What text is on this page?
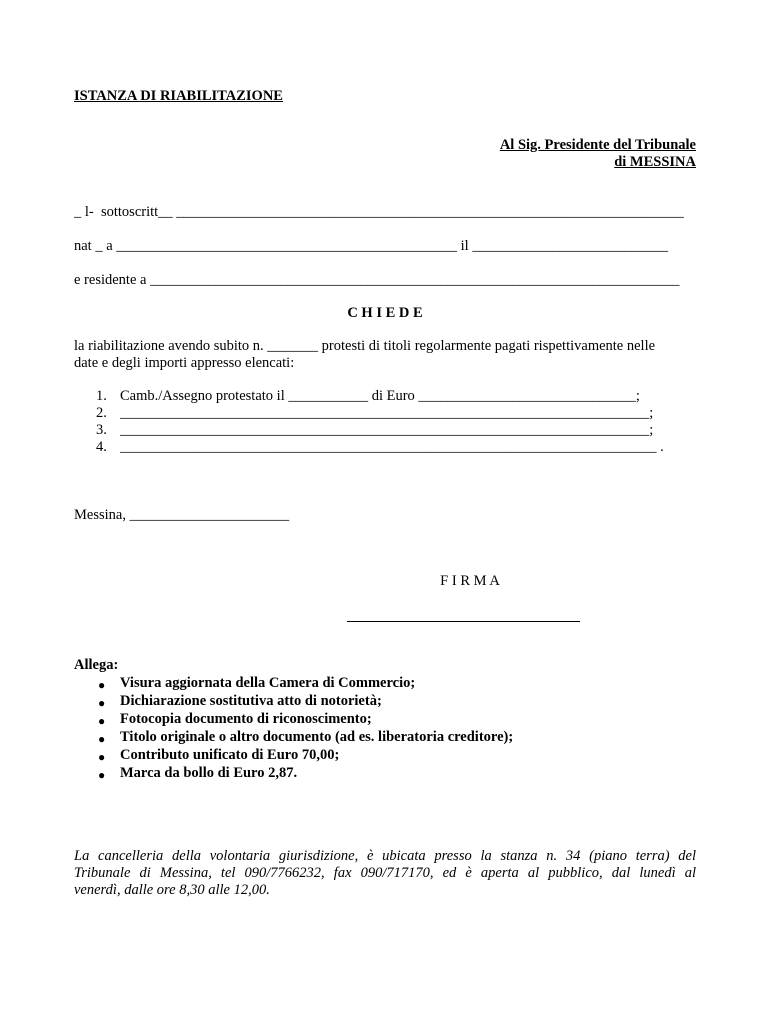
ISTANZA DI RIABILITAZIONE
Al Sig. Presidente del Tribunale
di MESSINA
_ l-  sottoscritt__ ______________________________________________________________________
nat _ a _______________________________________________ il ___________________________
e residente a _________________________________________________________________________
C H I E D E
la riabilitazione avendo subito n. _______ protesti di titoli regolarmente pagati rispettivamente nelle
date e degli importi appresso elencati:
1. Camb./Assegno protestato il ___________ di Euro ______________________________;
2. _________________________________________________________________________;
3. _________________________________________________________________________;
4. __________________________________________________________________________ .
Messina, ______________________
F I R M A
Allega:
● Visura aggiornata della Camera di Commercio;
● Dichiarazione sostitutiva atto di notorietà;
● Fotocopia documento di riconoscimento;
● Titolo originale o altro documento (ad es. liberatoria creditore);
● Contributo unificato di Euro 70,00;
● Marca da bollo di Euro 2,87.
La cancelleria della volontaria giurisdizione, è ubicata presso la stanza n. 34 (piano terra) del
Tribunale di Messina, tel 090/7766232, fax 090/717170, ed è aperta al pubblico, dal lunedì al
venerdì, dalle ore 8,30 alle 12,00.
